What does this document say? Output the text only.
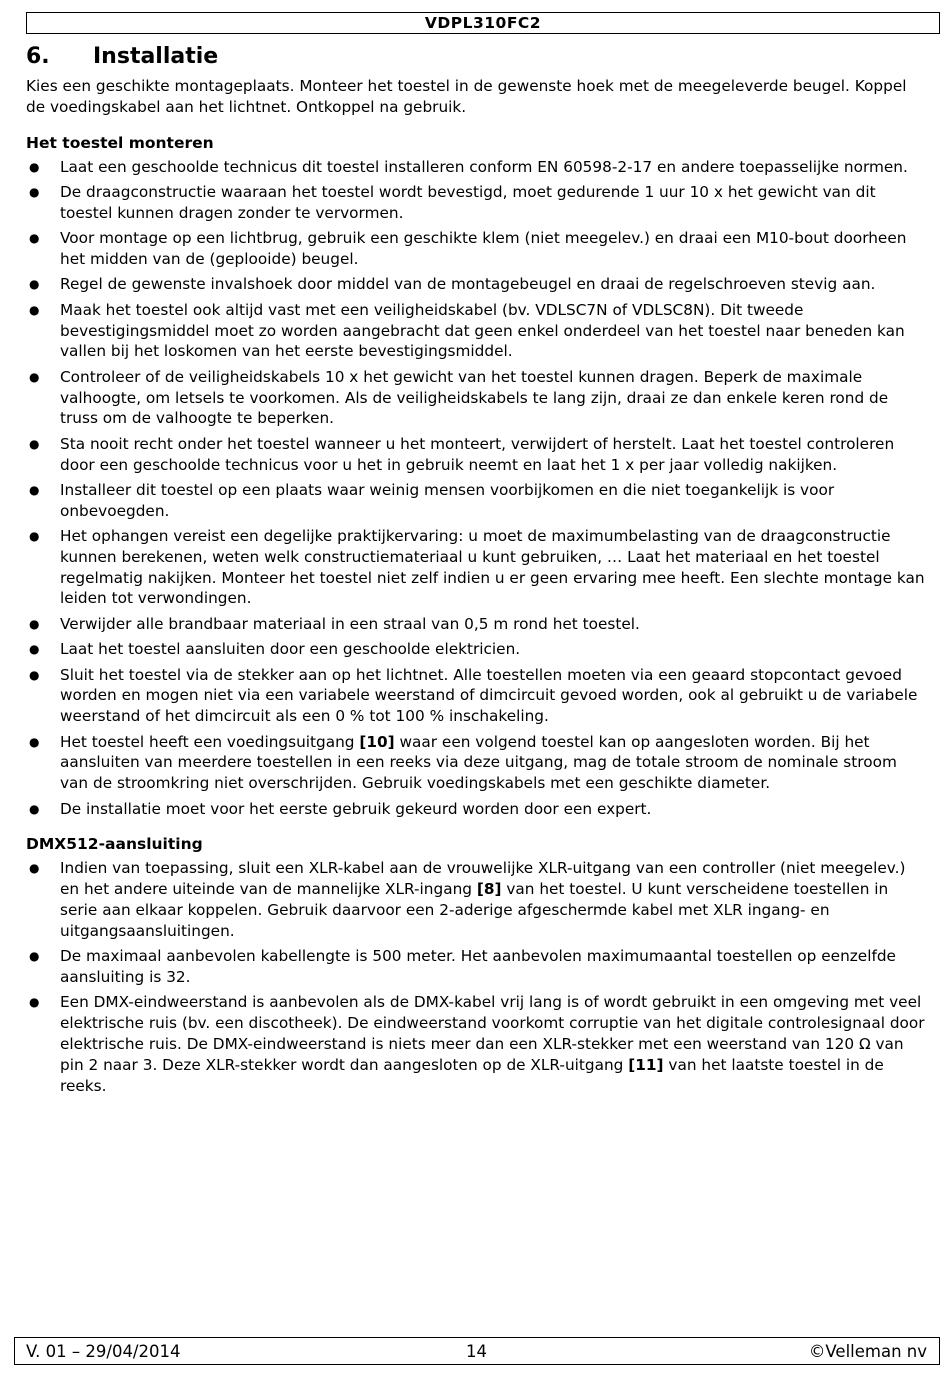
VDPL310FC2
6.	Installatie

Kies een geschikte montageplaats. Monteer het toestel in de gewenste hoek met de meegeleverde beugel. Koppel de voedingskabel aan het lichtnet. Ontkoppel na gebruik.

Het toestel monteren
● Laat een geschoolde technicus dit toestel installeren conform EN 60598-2-17 en andere toepasselijke normen.
● De draagconstructie waaraan het toestel wordt bevestigd, moet gedurende 1 uur 10 x het gewicht van dit toestel kunnen dragen zonder te vervormen.
● Voor montage op een lichtbrug, gebruik een geschikte klem (niet meegelev.) en draai een M10-bout doorheen het midden van de (geplooide) beugel.
● Regel de gewenste invalshoek door middel van de montagebeugel en draai de regelschroeven stevig aan.
● Maak het toestel ook altijd vast met een veiligheidskabel (bv. VDLSC7N of VDLSC8N). Dit tweede bevestigingsmiddel moet zo worden aangebracht dat geen enkel onderdeel van het toestel naar beneden kan vallen bij het loskomen van het eerste bevestigingsmiddel.
● Controleer of de veiligheidskabels 10 x het gewicht van het toestel kunnen dragen. Beperk de maximale valhoogte, om letsels te voorkomen. Als de veiligheidskabels te lang zijn, draai ze dan enkele keren rond de truss om de valhoogte te beperken.
● Sta nooit recht onder het toestel wanneer u het monteert, verwijdert of herstelt. Laat het toestel controleren door een geschoolde technicus voor u het in gebruik neemt en laat het 1 x per jaar volledig nakijken.
● Installeer dit toestel op een plaats waar weinig mensen voorbijkomen en die niet toegankelijk is voor onbevoegden.
● Het ophangen vereist een degelijke praktijkervaring: u moet de maximumbelasting van de draagconstructie kunnen berekenen, weten welk constructiemateriaal u kunt gebruiken, … Laat het materiaal en het toestel regelmatig nakijken. Monteer het toestel niet zelf indien u er geen ervaring mee heeft. Een slechte montage kan leiden tot verwondingen.
● Verwijder alle brandbaar materiaal in een straal van 0,5 m rond het toestel.
● Laat het toestel aansluiten door een geschoolde elektricien.
● Sluit het toestel via de stekker aan op het lichtnet. Alle toestellen moeten via een geaard stopcontact gevoed worden en mogen niet via een variabele weerstand of dimcircuit gevoed worden, ook al gebruikt u de variabele weerstand of het dimcircuit als een 0 % tot 100 % inschakeling.
● Het toestel heeft een voedingsuitgang [10] waar een volgend toestel kan op aangesloten worden. Bij het aansluiten van meerdere toestellen in een reeks via deze uitgang, mag de totale stroom de nominale stroom van de stroomkring niet overschrijden. Gebruik voedingskabels met een geschikte diameter.
● De installatie moet voor het eerste gebruik gekeurd worden door een expert.
DMX512-aansluiting
● Indien van toepassing, sluit een XLR-kabel aan de vrouwelijke XLR-uitgang van een controller (niet meegelev.) en het andere uiteinde van de mannelijke XLR-ingang [8] van het toestel. U kunt verscheidene toestellen in serie aan elkaar koppelen. Gebruik daarvoor een 2-aderige afgeschermde kabel met XLR ingang- en uitgangsaansluitingen.
● De maximaal aanbevolen kabellengte is 500 meter. Het aanbevolen maximumaantal toestellen op eenzelfde aansluiting is 32.
● Een DMX-eindweerstand is aanbevolen als de DMX-kabel vrij lang is of wordt gebruikt in een omgeving met veel elektrische ruis (bv. een discotheek). De eindweerstand voorkomt corruptie van het digitale controlesignaal door elektrische ruis. De DMX-eindweerstand is niets meer dan een XLR-stekker met een weerstand van 120 Ω van pin 2 naar 3. Deze XLR-stekker wordt dan aangesloten op de XLR-uitgang [11] van het laatste toestel in de reeks.
V. 01 – 29/04/2014	14	©Velleman nv
